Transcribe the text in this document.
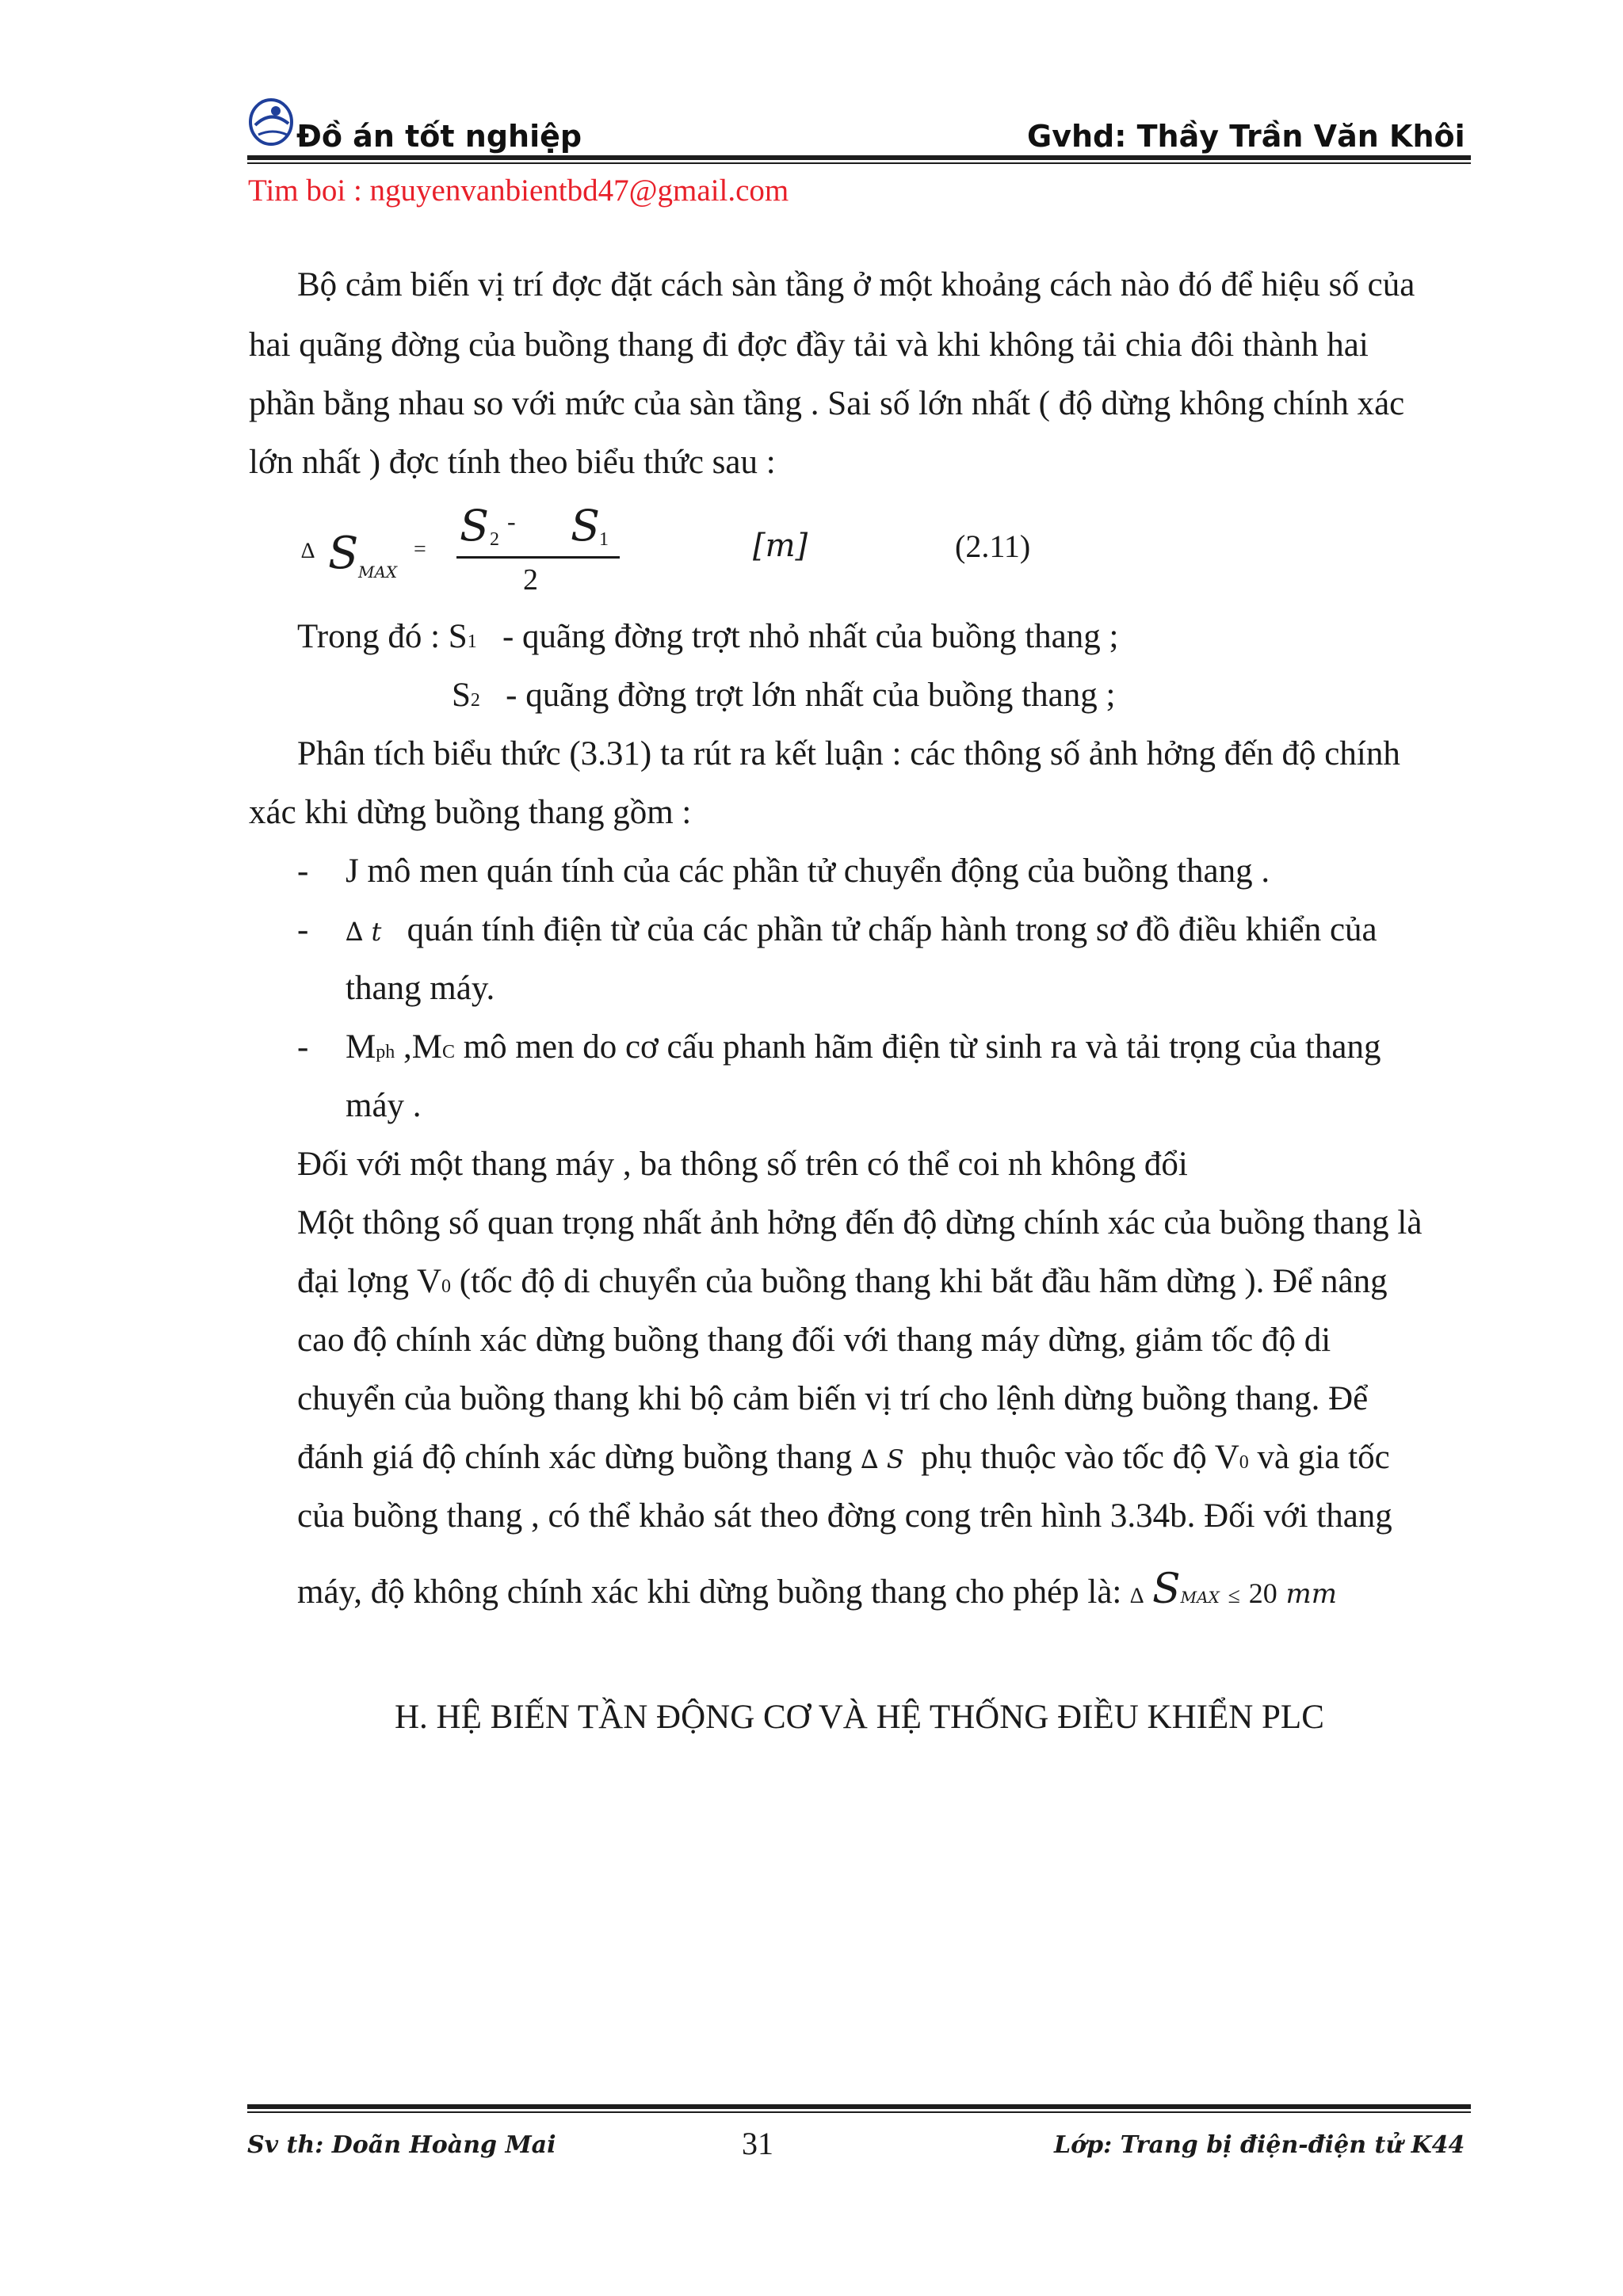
Đồ án tốt nghiệp	Gvhd: Thầy Trần Văn Khôi
Tim boi : nguyenvanbientbd47@gmail.com
Bộ cảm biến vị trí đợc đặt cách sàn tầng ở một khoảng cách nào đó để hiệu số của
hai quãng đờng của buồng thang đi đợc đầy tải và khi không tải chia đôi thành hai
phần bằng nhau so với mức của sàn tầng . Sai số lớn nhất ( độ dừng không chính xác
lớn nhất ) đợc tính theo biểu thức sau :
∆ S MAX
= S 2
- S 1
2
[m]	(2.11)
Trong đó : S1 - quãng đờng trợt nhỏ nhất của buồng thang ;
S2 - quãng đờng trợt lớn nhất của buồng thang ;
Phân tích biểu thức (3.31) ta rút ra kết luận : các thông số ảnh hởng đến độ chính
xác khi dừng buồng thang gồm :
- J mô men quán tính của các phần tử chuyển động của buồng thang .
- ∆ t quán tính điện từ của các phần tử chấp hành trong sơ đồ điều khiển của
thang máy.
- Mph ,MC mô men do cơ cấu phanh hãm điện từ sinh ra và tải trọng của thang
máy .
Đối với một thang máy , ba thông số trên có thể coi nh không đổi
Một thông số quan trọng nhất ảnh hởng đến độ dừng chính xác của buồng thang là
đại lợng V0 (tốc độ di chuyển của buồng thang khi bắt đầu hãm dừng ). Để nâng
cao độ chính xác dừng buồng thang đối với thang máy dừng, giảm tốc độ di
chuyển của buồng thang khi bộ cảm biến vị trí cho lệnh dừng buồng thang. Để
đánh giá độ chính xác dừng buồng thang ∆ S phụ thuộc vào tốc độ V0 và gia tốc
của buồng thang , có thể khảo sát theo đờng cong trên hình 3.34b. Đối với thang
máy, độ không chính xác khi dừng buồng thang cho phép là: ∆ SMAX ≤ 20 mm
H. HỆ BIẾN TẦN ĐỘNG CƠ VÀ HỆ THỐNG ĐIỀU KHIỂN PLC
Sv th: Doãn Hoàng Mai	31	Lớp: Trang bị điện-điện tử K44
